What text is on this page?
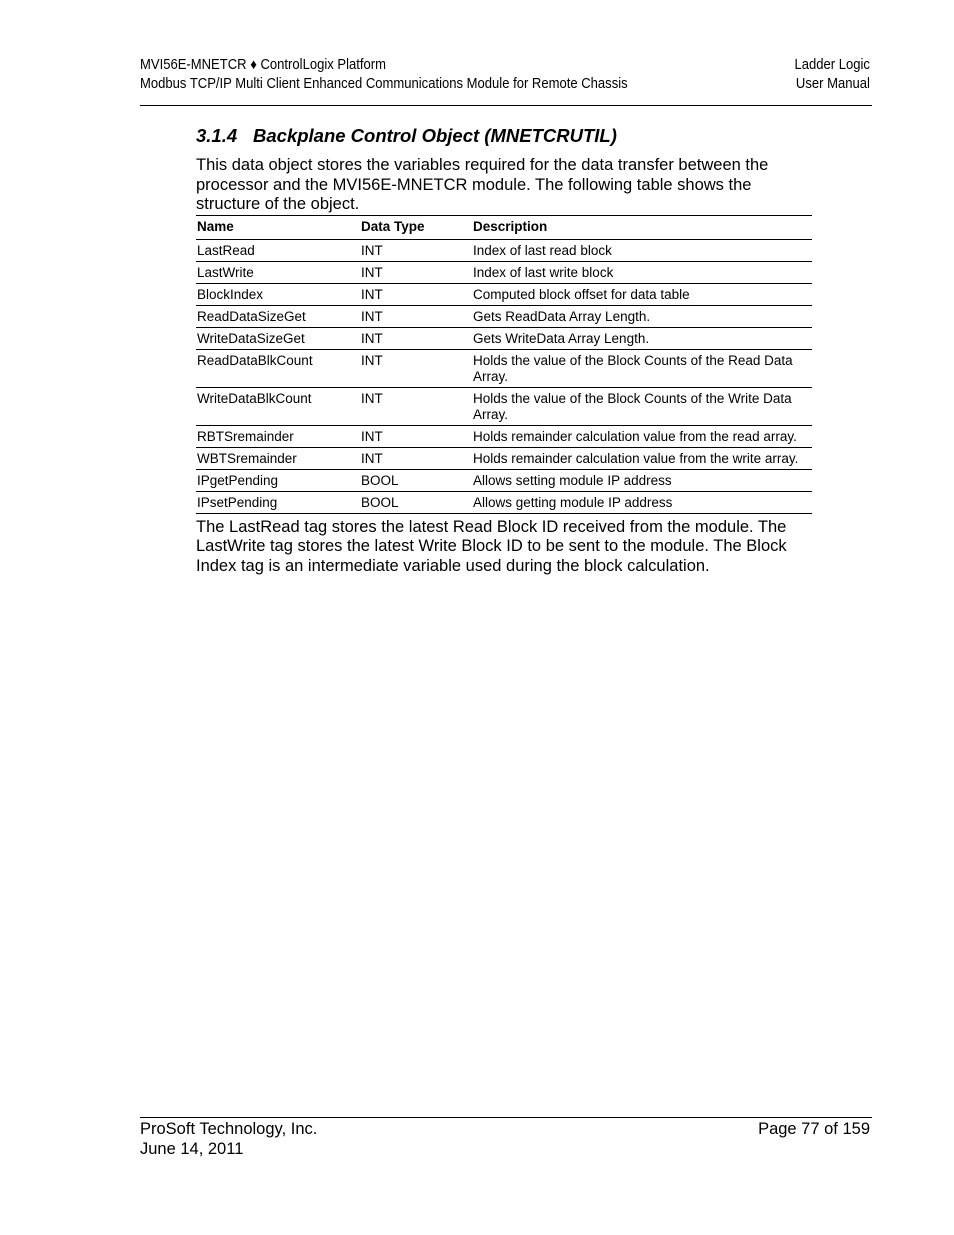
MVI56E-MNETCR ♦ ControlLogix Platform	Ladder Logic
Modbus TCP/IP Multi Client Enhanced Communications Module for Remote Chassis	User Manual
3.1.4 Backplane Control Object (MNETCRUTIL)

This data object stores the variables required for the data transfer between the processor and the MVI56E-MNETCR module. The following table shows the structure of the object.

Name	Data Type	Description
LastRead	INT	Index of last read block
LastWrite	INT	Index of last write block
BlockIndex	INT	Computed block offset for data table
ReadDataSizeGet	INT	Gets ReadData Array Length.
WriteDataSizeGet	INT	Gets WriteData Array Length.
ReadDataBlkCount	INT	Holds the value of the Block Counts of the Read Data Array.
WriteDataBlkCount	INT	Holds the value of the Block Counts of the Write Data Array.
RBTSremainder	INT	Holds remainder calculation value from the read array.
WBTSremainder	INT	Holds remainder calculation value from the write array.
IPgetPending	BOOL	Allows setting module IP address
IPsetPending	BOOL	Allows getting module IP address

The LastRead tag stores the latest Read Block ID received from the module. The LastWrite tag stores the latest Write Block ID to be sent to the module. The Block Index tag is an intermediate variable used during the block calculation.

ProSoft Technology, Inc.	Page 77 of 159
June 14, 2011
